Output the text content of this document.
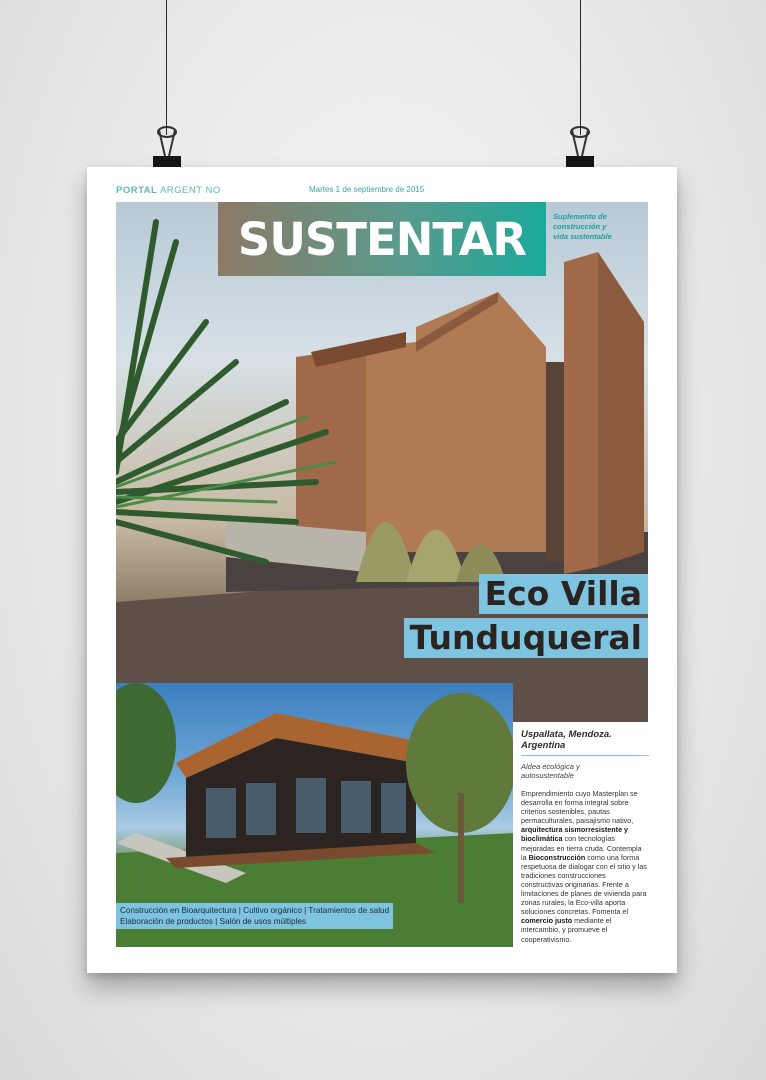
PORTAL ARGENT NO	Martes 1 de septiembre de 2015
SUSTENTAR	Suplemento de
construcción y
vida sustentable
Eco Villa
Tunduqueral
Construcción en Bioarquitectura | Cultivo orgánico | Tratamientos de salud
Elaboración de productos | Salón de usos múltiples
Uspallata, Mendoza.
Argentina
Aldea ecológica y
autosustentable
Emprendimiento cuyo Masterplan se desarrolla en forma integral sobre criterios sostenibles, pautas permaculturales, paisajismo nativo, arquitectura sismorresistente y bioclimática con tecnologías mejoradas en tierra cruda. Contempla la Bioconstrucción como una forma respetuosa de dialogar con el sitio y las tradiciones construcciones constructivas originarias. Frente a limitaciones de planes de vivienda para zonas rurales, la Eco-villa aporta soluciones concretas. Fomenta el comercio justo mediante el intercambio, y promueve el cooperativismo.
